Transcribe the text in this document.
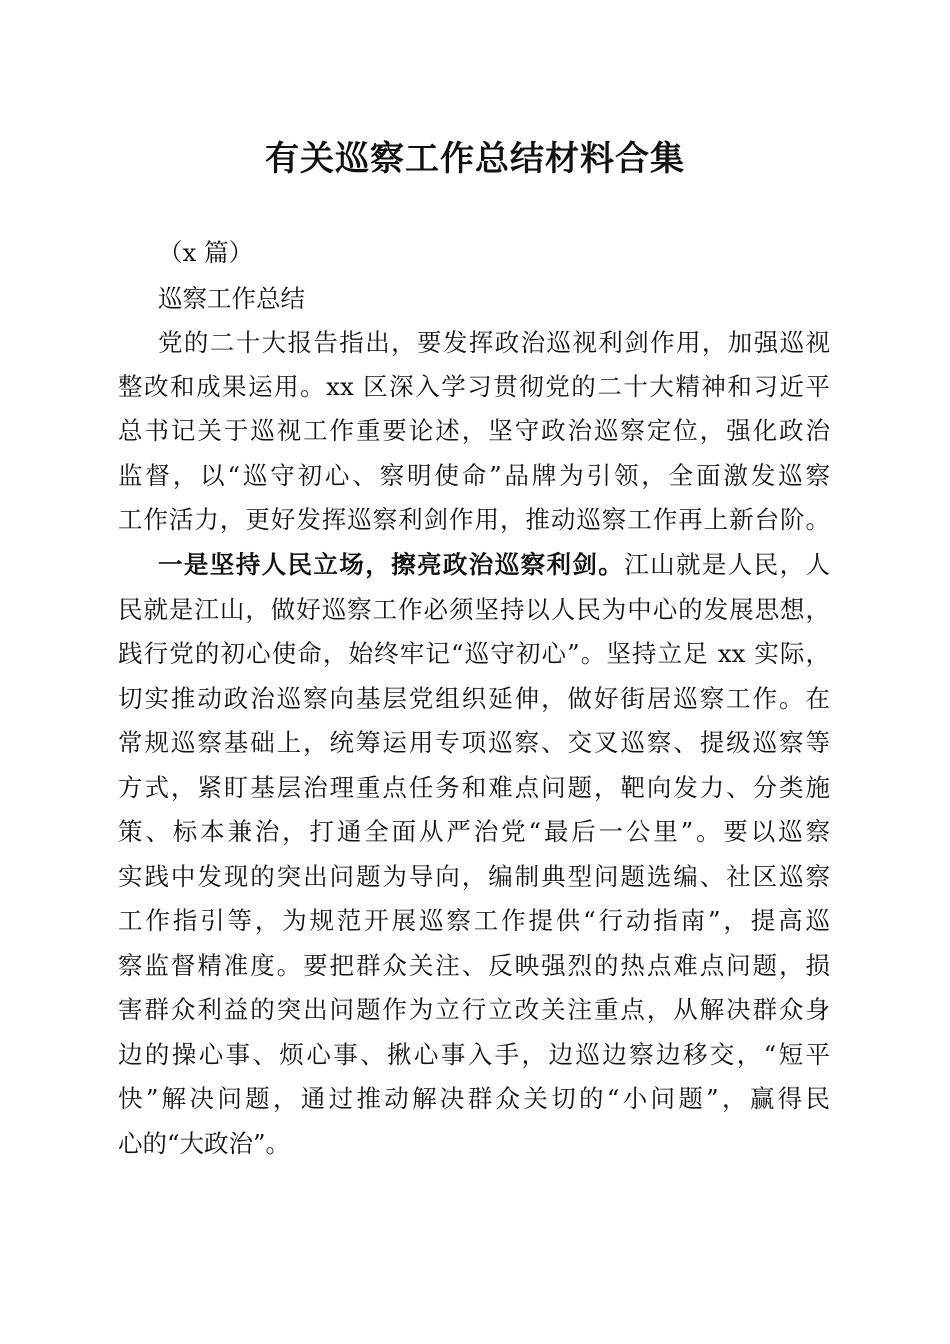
有关巡察工作总结材料合集

（x 篇）

巡察工作总结

党的二十大报告指出，要发挥政治巡视利剑作用，加强巡视

整改和成果运用。xx 区深入学习贯彻党的二十大精神和习近平

总书记关于巡视工作重要论述，坚守政治巡察定位，强化政治

监督，以“巡守初心、察明使命”品牌为引领，全面激发巡察

工作活力，更好发挥巡察利剑作用，推动巡察工作再上新台阶。

一是坚持人民立场，擦亮政治巡察利剑。江山就是人民，人

民就是江山，做好巡察工作必须坚持以人民为中心的发展思想，

践行党的初心使命，始终牢记“巡守初心”。坚持立足 xx 实际，

切实推动政治巡察向基层党组织延伸，做好街居巡察工作。在

常规巡察基础上，统筹运用专项巡察、交叉巡察、提级巡察等

方式，紧盯基层治理重点任务和难点问题，靶向发力、分类施

策、标本兼治，打通全面从严治党“最后一公里”。要以巡察

实践中发现的突出问题为导向，编制典型问题选编、社区巡察

工作指引等，为规范开展巡察工作提供“行动指南”，提高巡

察监督精准度。要把群众关注、反映强烈的热点难点问题，损

害群众利益的突出问题作为立行立改关注重点，从解决群众身

边的操心事、烦心事、揪心事入手，边巡边察边移交，“短平

快”解决问题，通过推动解决群众关切的“小问题”，赢得民

心的“大政治”。
